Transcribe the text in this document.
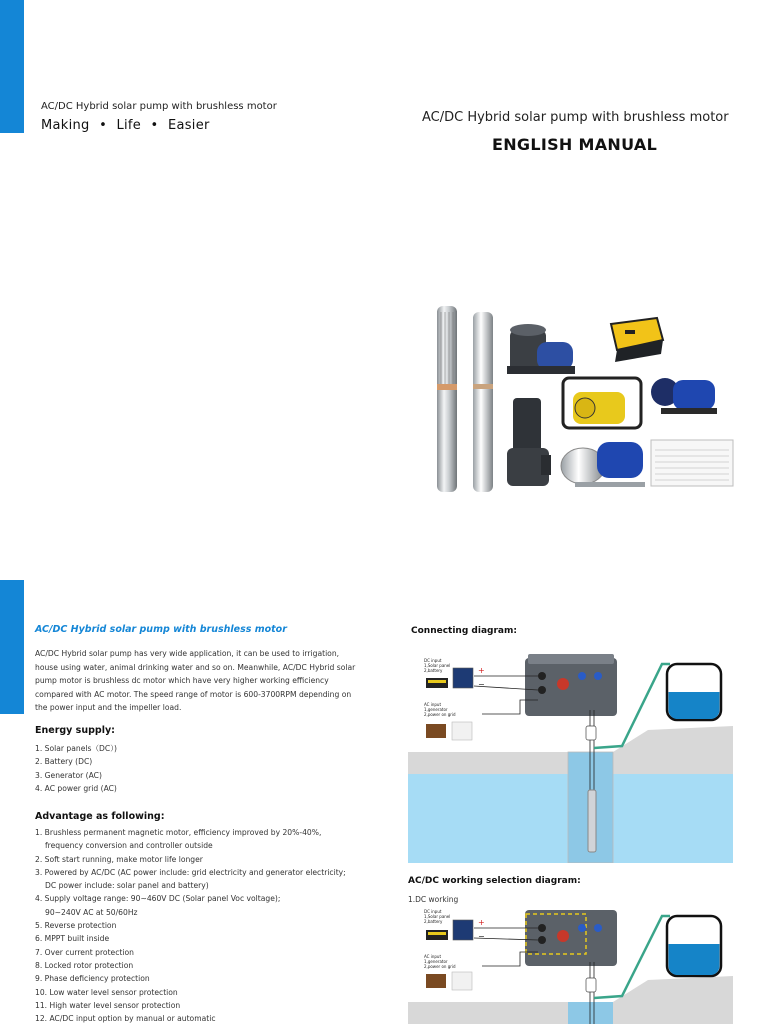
AC/DC Hybrid solar pump with brushless motor
Making • Life • Easier
AC/DC Hybrid solar pump with brushless motor
ENGLISH MANUAL
AC/DC Hybrid solar pump with brushless motor
AC/DC Hybrid solar pump has very wide application, it can be used to irrigation, house using water, animal drinking water and so on. Meanwhile, AC/DC Hybrid solar pump motor is brushless dc motor which have very higher working efficiency compared with AC motor. The speed range of motor is 600-3700RPM depending on the power input and the impeller load.
Energy supply:
1. Solar panels（DC）)
2. Battery (DC)
3. Generator (AC)
4. AC power grid (AC)
Advantage as following:
1. Brushless permanent magnetic motor, efficiency improved by 20%-40%,
frequency conversion and controller outside
2. Soft start running, make motor life longer
3. Powered by AC/DC (AC power include: grid electricity and generator electricity;
DC power include: solar panel and battery)
4. Supply voltage range: 90~460V DC (Solar panel Voc voltage);
90~240V AC at 50/60Hz
5. Reverse protection
6. MPPT built inside
7. Over current protection
8. Locked rotor protection
9. Phase deficiency protection
10. Low water level sensor protection
11. High water level sensor protection
12. AC/DC input option by manual or automatic
Connecting diagram:
DC input
1,Solar panel
2,battery
AC input
1,generator
2,power on grid
+
−
AC/DC working selection diagram:
1.DC working
DC input
1,Solar panel
2,battery
AC input
1,generator
2,power on grid
+
−
